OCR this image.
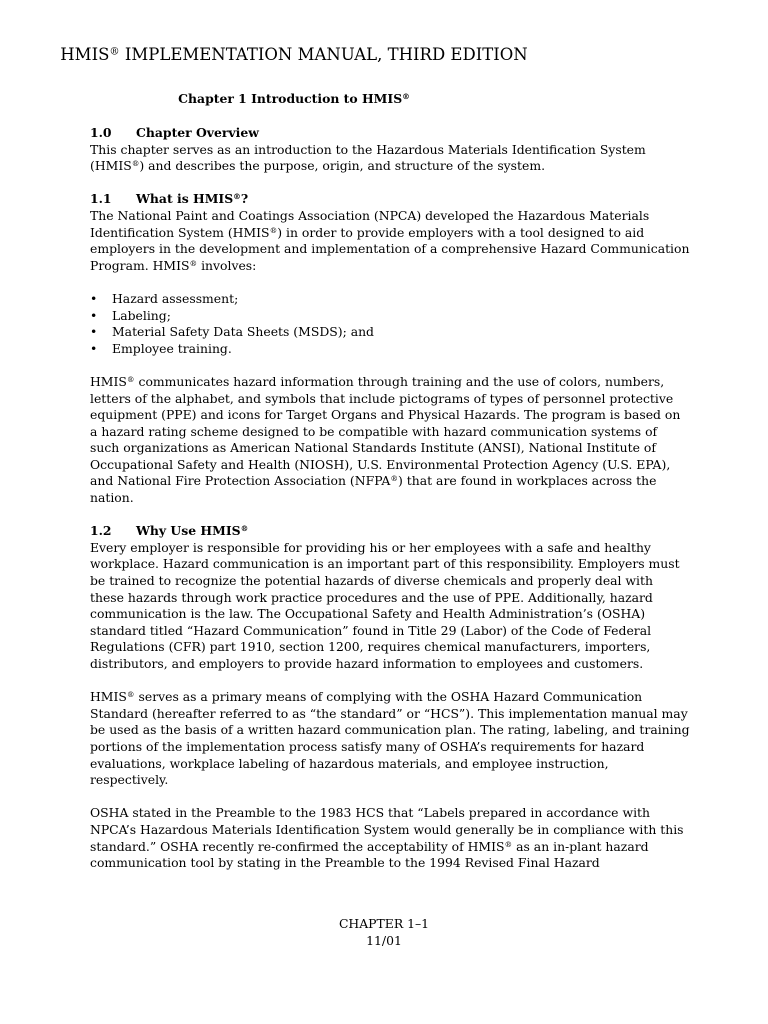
HMIS® IMPLEMENTATION MANUAL, THIRD EDITION
Chapter 1 Introduction to HMIS®
1.0 Chapter Overview

This chapter serves as an introduction to the Hazardous Materials Identification System (HMIS®) and describes the purpose, origin, and structure of the system.

1.1 What is HMIS®?

The National Paint and Coatings Association (NPCA) developed the Hazardous Materials Identification System (HMIS®) in order to provide employers with a tool designed to aid employers in the development and implementation of a comprehensive Hazard Communication Program. HMIS® involves:

• Hazard assessment;
• Labeling;
• Material Safety Data Sheets (MSDS); and
• Employee training.

HMIS® communicates hazard information through training and the use of colors, numbers, letters of the alphabet, and symbols that include pictograms of types of personnel protective equipment (PPE) and icons for Target Organs and Physical Hazards. The program is based on a hazard rating scheme designed to be compatible with hazard communication systems of such organizations as American National Standards Institute (ANSI), National Institute of Occupational Safety and Health (NIOSH), U.S. Environmental Protection Agency (U.S. EPA), and National Fire Protection Association (NFPA®) that are found in workplaces across the nation.

1.2 Why Use HMIS®

Every employer is responsible for providing his or her employees with a safe and healthy workplace. Hazard communication is an important part of this responsibility. Employers must be trained to recognize the potential hazards of diverse chemicals and properly deal with these hazards through work practice procedures and the use of PPE. Additionally, hazard communication is the law. The Occupational Safety and Health Administration’s (OSHA) standard titled “Hazard Communication” found in Title 29 (Labor) of the Code of Federal Regulations (CFR) part 1910, section 1200, requires chemical manufacturers, importers, distributors, and employers to provide hazard information to employees and customers.

HMIS® serves as a primary means of complying with the OSHA Hazard Communication Standard (hereafter referred to as “the standard” or “HCS”). This implementation manual may be used as the basis of a written hazard communication plan. The rating, labeling, and training portions of the implementation process satisfy many of OSHA’s requirements for hazard evaluations, workplace labeling of hazardous materials, and employee instruction, respectively.

OSHA stated in the Preamble to the 1983 HCS that “Labels prepared in accordance with NPCA’s Hazardous Materials Identification System would generally be in compliance with this standard.” OSHA recently re-confirmed the acceptability of HMIS® as an in-plant hazard communication tool by stating in the Preamble to the 1994 Revised Final Hazard

CHAPTER 1–1
11/01
